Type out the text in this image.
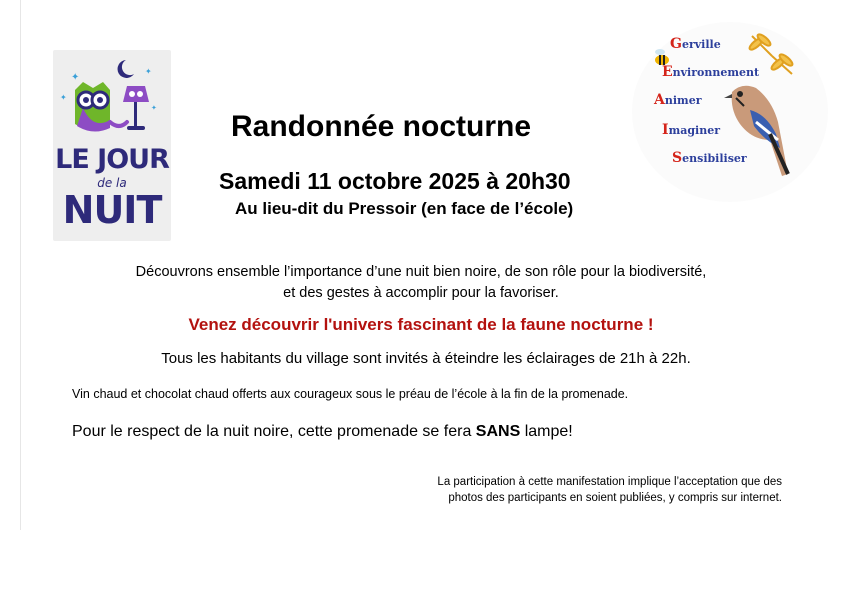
✦
✦
✦
✦
LE JOUR
de la
NUIT
Gerville
Environnement
Animer
Imaginer
Sensibiliser
Randonnée nocturne
Samedi 11 octobre 2025 à 20h30
Au lieu-dit du Pressoir (en face de l’école)
Découvrons ensemble l’importance d’une nuit bien noire, de son rôle pour la biodiversité,
et des gestes à accomplir pour la favoriser.
Venez découvrir l'univers fascinant de la faune nocturne !
Tous les habitants du village sont invités à éteindre les éclairages de 21h à 22h.
Vin chaud et chocolat chaud offerts aux courageux sous le préau de l’école à la fin de la promenade.
Pour le respect de la nuit noire, cette promenade se fera SANS lampe!
La participation à cette manifestation implique l’acceptation que des
photos des participants en soient publiées, y compris sur internet.
